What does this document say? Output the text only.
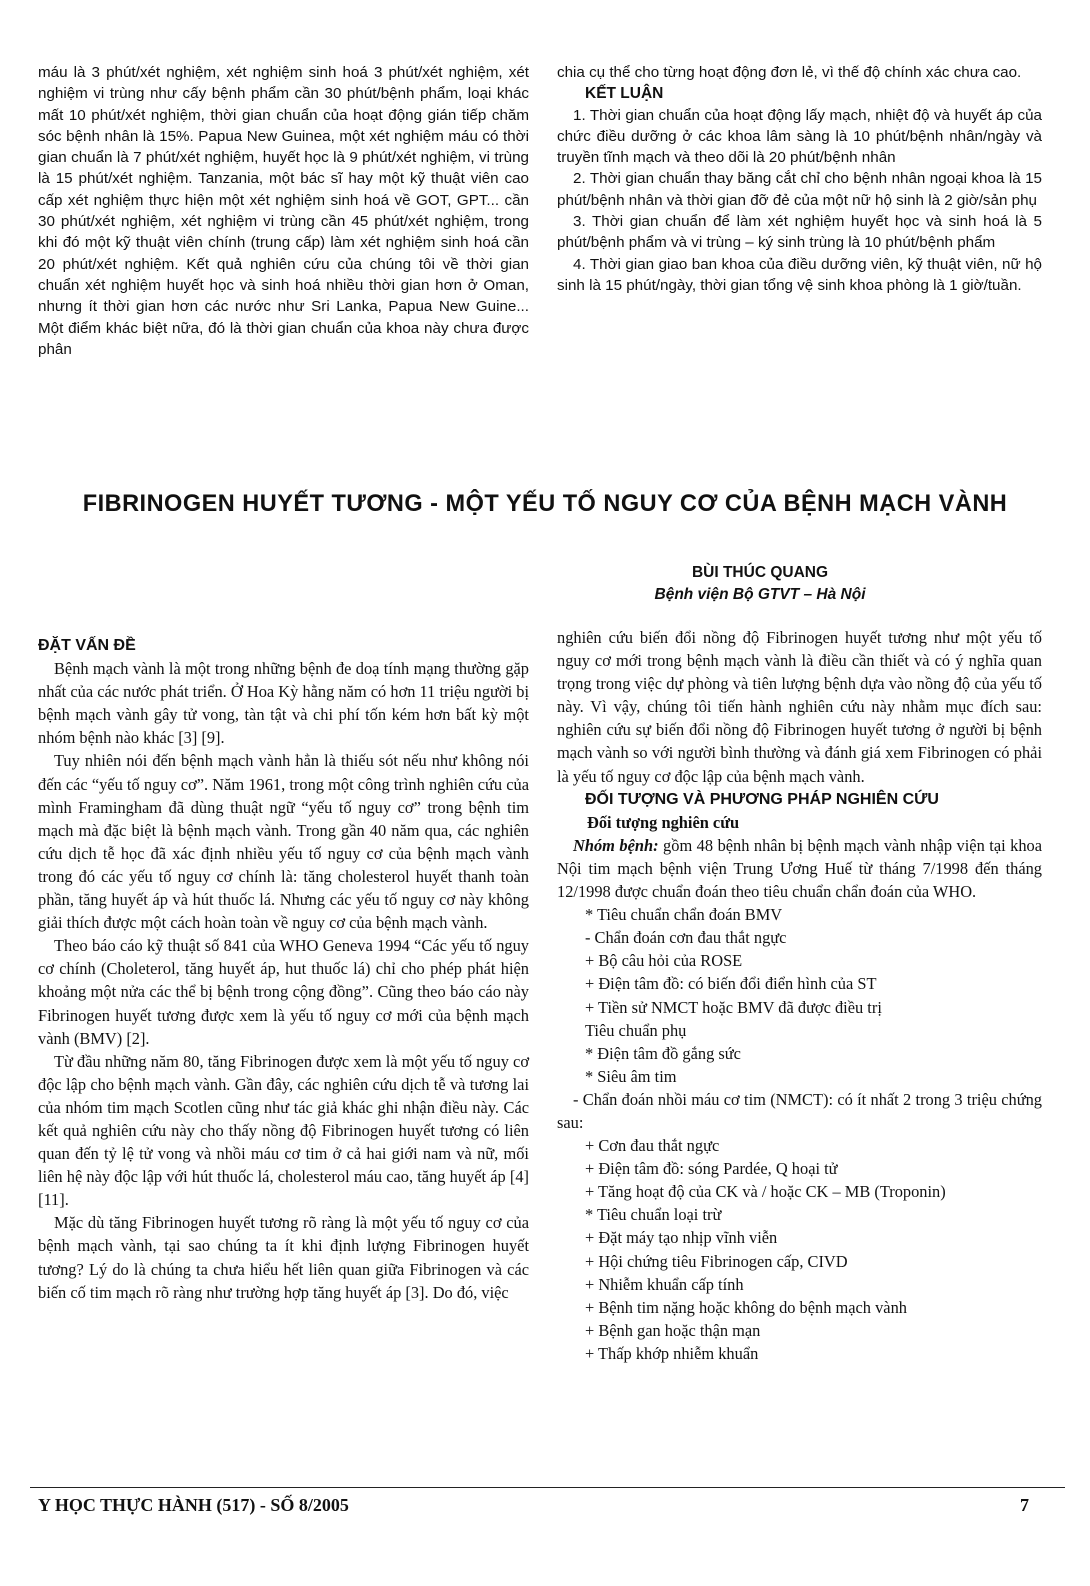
máu là 3 phút/xét nghiệm, xét nghiệm sinh hoá 3 phút/xét nghiệm, xét nghiệm vi trùng như cấy bệnh phẩm cần 30 phút/bệnh phẩm, loại khác mất 10 phút/xét nghiệm, thời gian chuẩn của hoạt động gián tiếp chăm sóc bệnh nhân là 15%. Papua New Guinea, một xét nghiệm máu có thời gian chuẩn là 7 phút/xét nghiệm, huyết học là 9 phút/xét nghiệm, vi trùng là 15 phút/xét nghiệm. Tanzania, một bác sĩ hay một kỹ thuật viên cao cấp xét nghiệm thực hiện một xét nghiệm sinh hoá về GOT, GPT... cần 30 phút/xét nghiệm, xét nghiệm vi trùng cần 45 phút/xét nghiệm, trong khi đó một kỹ thuật viên chính (trung cấp) làm xét nghiệm sinh hoá cần 20 phút/xét nghiệm. Kết quả nghiên cứu của chúng tôi về thời gian chuẩn xét nghiệm huyết học và sinh hoá nhiều thời gian hơn ở Oman, nhưng ít thời gian hơn các nước như Sri Lanka, Papua New Guine... Một điểm khác biệt nữa, đó là thời gian chuẩn của khoa này chưa được phân

chia cụ thể cho từng hoạt động đơn lẻ, vì thế độ chính xác chưa cao.

KẾT LUẬN

1. Thời gian chuẩn của hoạt động lấy mạch, nhiệt độ và huyết áp của chức điều dưỡng ở các khoa lâm sàng là 10 phút/bệnh nhân/ngày và truyền tĩnh mạch và theo dõi là 20 phút/bệnh nhân

2. Thời gian chuẩn thay băng cắt chỉ cho bệnh nhân ngoại khoa là 15 phút/bệnh nhân và thời gian đỡ đẻ của một nữ hộ sinh là 2 giờ/sản phụ

3. Thời gian chuẩn để làm xét nghiệm huyết học và sinh hoá là 5 phút/bệnh phẩm và vi trùng – ký sinh trùng là 10 phút/bệnh phẩm

4. Thời gian giao ban khoa của điều dưỡng viên, kỹ thuật viên, nữ hộ sinh là 15 phút/ngày, thời gian tổng vệ sinh khoa phòng là 1 giờ/tuần.

FIBRINOGEN HUYẾT TƯƠNG - MỘT YẾU TỐ NGUY CƠ CỦA BỆNH MẠCH VÀNH
BÙI THÚC QUANG
Bệnh viện Bộ GTVT – Hà Nội

ĐẶT VẤN ĐỀ

Bệnh mạch vành là một trong những bệnh đe doạ tính mạng thường gặp nhất của các nước phát triển. Ở Hoa Kỳ hằng năm có hơn 11 triệu người bị bệnh mạch vành gây tử vong, tàn tật và chi phí tốn kém hơn bất kỳ một nhóm bệnh nào khác [3] [9].

Tuy nhiên nói đến bệnh mạch vành hẳn là thiếu sót nếu như không nói đến các “yếu tố nguy cơ”. Năm 1961, trong một công trình nghiên cứu của mình Framingham đã dùng thuật ngữ “yếu tố nguy cơ” trong bệnh tim mạch mà đặc biệt là bệnh mạch vành. Trong gần 40 năm qua, các nghiên cứu dịch tễ học đã xác định nhiều yếu tố nguy cơ của bệnh mạch vành trong đó các yếu tố nguy cơ chính là: tăng cholesterol huyết thanh toàn phần, tăng huyết áp và hút thuốc lá. Nhưng các yếu tố nguy cơ này không giải thích được một cách hoàn toàn về nguy cơ của bệnh mạch vành.

Theo báo cáo kỹ thuật số 841 của WHO Geneva 1994 “Các yếu tố nguy cơ chính (Choleterol, tăng huyết áp, hut thuốc lá) chỉ cho phép phát hiện khoảng một nửa các thể bị bệnh trong cộng đồng”. Cũng theo báo cáo này Fibrinogen huyết tương được xem là yếu tố nguy cơ mới của bệnh mạch vành (BMV) [2].

Từ đầu những năm 80, tăng Fibrinogen được xem là một yếu tố nguy cơ độc lập cho bệnh mạch vành. Gần đây, các nghiên cứu dịch tễ và tương lai của nhóm tim mạch Scotlen cũng như tác giả khác ghi nhận điều này. Các kết quả nghiên cứu này cho thấy nồng độ Fibrinogen huyết tương có liên quan đến tỷ lệ tử vong và nhồi máu cơ tim ở cả hai giới nam và nữ, mối liên hệ này độc lập với hút thuốc lá, cholesterol máu cao, tăng huyết áp [4] [11].

Mặc dù tăng Fibrinogen huyết tương rõ ràng là một yếu tố nguy cơ của bệnh mạch vành, tại sao chúng ta ít khi định lượng Fibrinogen huyết tương? Lý do là chúng ta chưa hiểu hết liên quan giữa Fibrinogen và các biến cố tim mạch rõ ràng như trường hợp tăng huyết áp [3]. Do đó, việc

nghiên cứu biến đổi nồng độ Fibrinogen huyết tương như một yếu tố nguy cơ mới trong bệnh mạch vành là điều cần thiết và có ý nghĩa quan trọng trong việc dự phòng và tiên lượng bệnh dựa vào nồng độ của yếu tố này. Vì vậy, chúng tôi tiến hành nghiên cứu này nhằm mục đích sau: nghiên cứu sự biến đổi nồng độ Fibrinogen huyết tương ở người bị bệnh mạch vành so với người bình thường và đánh giá xem Fibrinogen có phải là yếu tố nguy cơ độc lập của bệnh mạch vành.

ĐỐI TƯỢNG VÀ PHƯƠNG PHÁP NGHIÊN CỨU

Đối tượng nghiên cứu

Nhóm bệnh: gồm 48 bệnh nhân bị bệnh mạch vành nhập viện tại khoa Nội tim mạch bệnh viện Trung Ương Huế từ tháng 7/1998 đến tháng 12/1998 được chuẩn đoán theo tiêu chuẩn chẩn đoán của WHO.

* Tiêu chuẩn chẩn đoán BMV

- Chẩn đoán cơn đau thắt ngực

+ Bộ câu hỏi của ROSE

+ Điện tâm đồ: có biến đổi điển hình của ST

+ Tiền sử NMCT hoặc BMV đã được điều trị

Tiêu chuẩn phụ

* Điện tâm đồ gắng sức

* Siêu âm tim

- Chẩn đoán nhồi máu cơ tim (NMCT): có ít nhất 2 trong 3 triệu chứng sau:

+ Cơn đau thắt ngực

+ Điện tâm đồ: sóng Pardée, Q hoại tử

+ Tăng hoạt độ của CK và / hoặc CK – MB (Troponin)

* Tiêu chuẩn loại trừ

+ Đặt máy tạo nhịp vĩnh viễn

+ Hội chứng tiêu Fibrinogen cấp, CIVD

+ Nhiễm khuẩn cấp tính

+ Bệnh tim nặng hoặc không do bệnh mạch vành

+ Bệnh gan hoặc thận mạn

+ Thấp khớp nhiễm khuẩn

Y HỌC THỰC HÀNH (517) - SỐ 8/2005	7
